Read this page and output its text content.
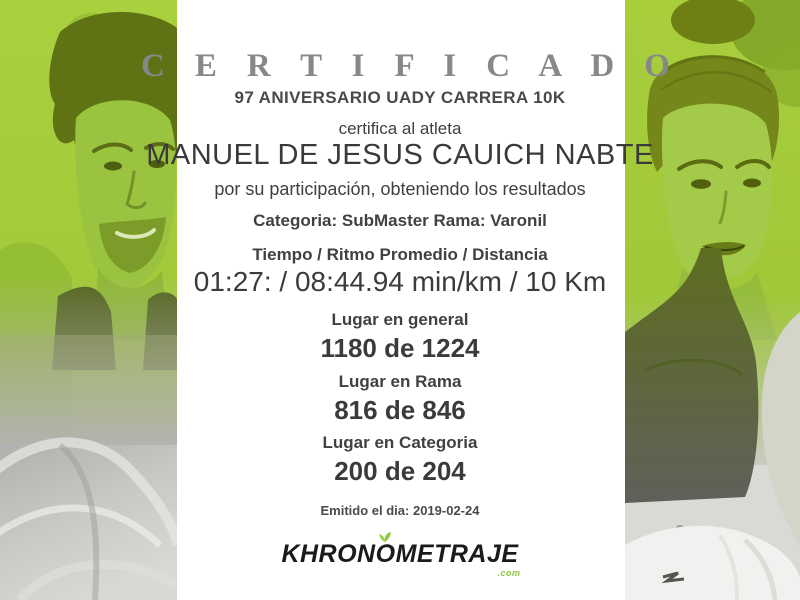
C E R T I F I C A D O
97 ANIVERSARIO UADY CARRERA 10K
certifica al atleta
MANUEL DE JESUS CAUICH NABTE
por su participación, obteniendo los resultados
Categoria: SubMaster Rama: Varonil
Tiempo / Ritmo Promedio / Distancia
01:27: / 08:44.94 min/km / 10 Km
Lugar en general
1180 de 1224
Lugar en Rama
816 de 846
Lugar en Categoria
200 de 204
Emitido el dia: 2019-02-24
KHRONO
METRAJE
.com
